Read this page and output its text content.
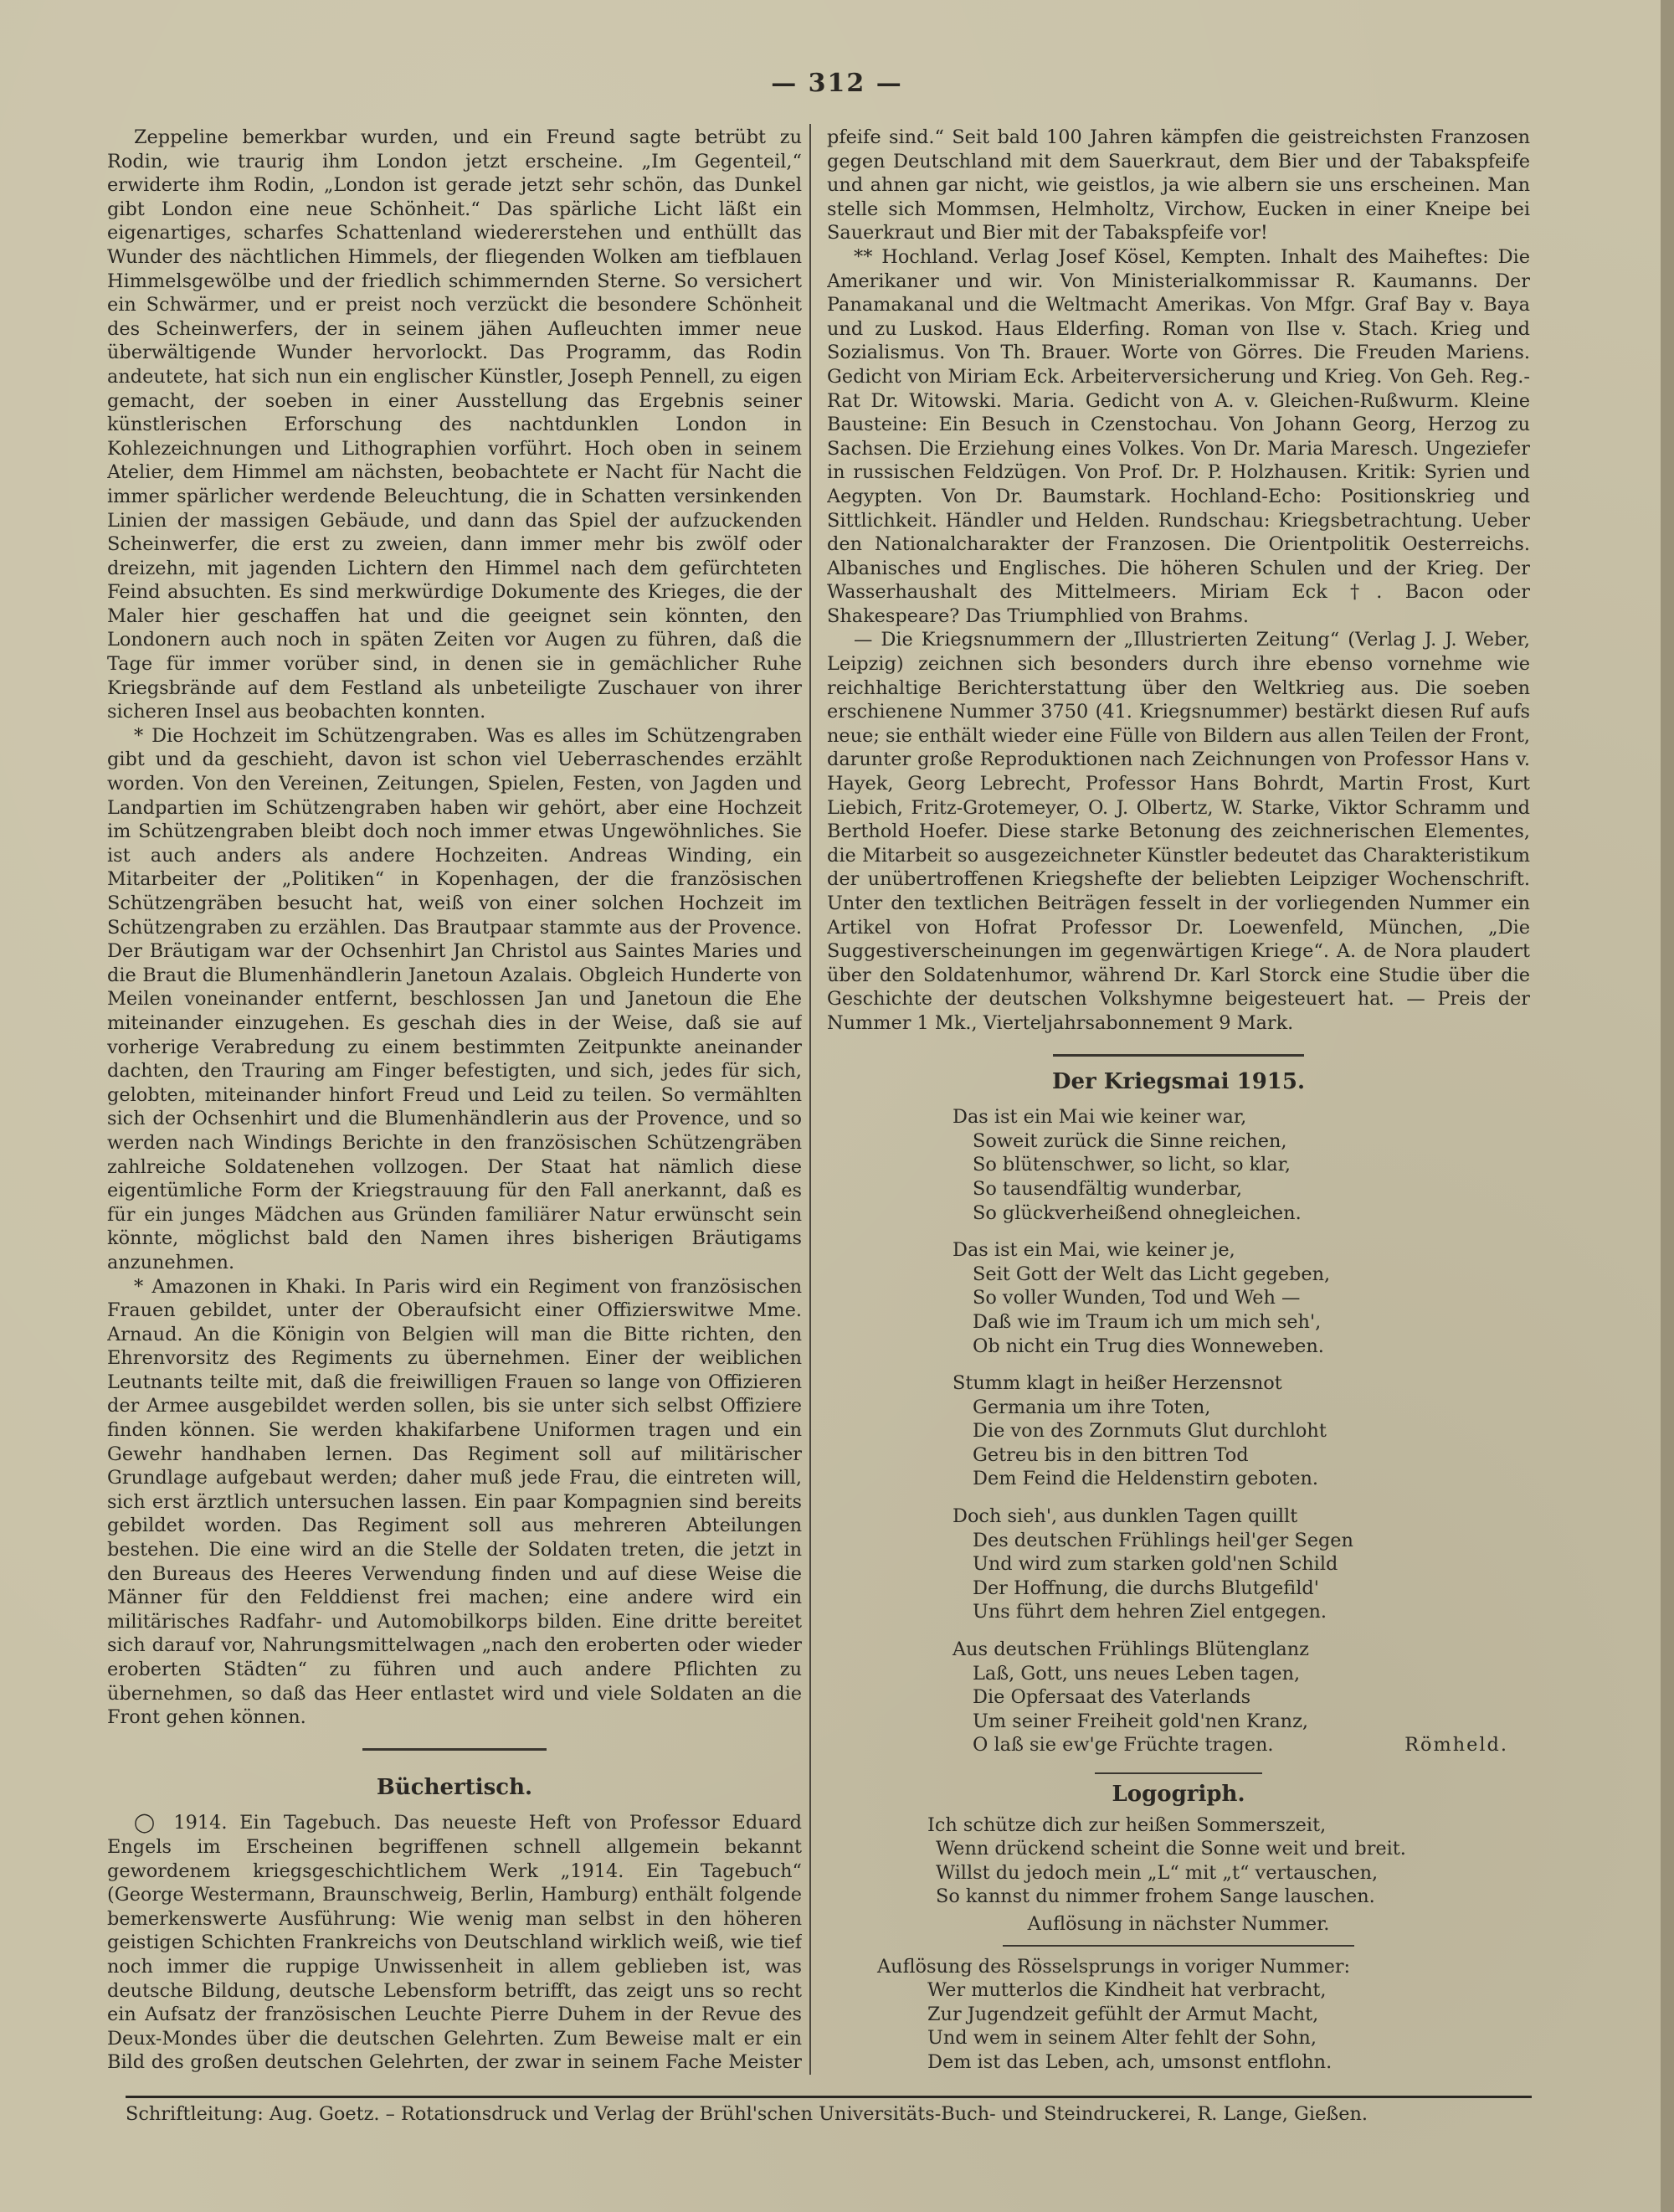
— 312 —

Zeppeline bemerkbar wurden, und ein Freund sagte betrübt zu Rodin, wie traurig ihm London jetzt erscheine. „Im Gegenteil,“ erwiderte ihm Rodin, „London ist gerade jetzt sehr schön, das Dunkel gibt London eine neue Schönheit.“ Das spärliche Licht läßt ein eigenartiges, scharfes Schattenland wiedererstehen und enthüllt das Wunder des nächtlichen Himmels, der fliegenden Wolken am tiefblauen Himmelsgewölbe und der friedlich schimmernden Sterne. So versichert ein Schwärmer, und er preist noch verzückt die besondere Schönheit des Scheinwerfers, der in seinem jähen Aufleuchten immer neue überwältigende Wunder hervorlockt. Das Programm, das Rodin andeutete, hat sich nun ein englischer Künstler, Joseph Pennell, zu eigen gemacht, der soeben in einer Ausstellung das Ergebnis seiner künstlerischen Erforschung des nachtdunklen London in Kohlezeichnungen und Lithographien vorführt. Hoch oben in seinem Atelier, dem Himmel am nächsten, beobachtete er Nacht für Nacht die immer spärlicher werdende Beleuchtung, die in Schatten versinkenden Linien der massigen Gebäude, und dann das Spiel der aufzuckenden Scheinwerfer, die erst zu zweien, dann immer mehr bis zwölf oder dreizehn, mit jagenden Lichtern den Himmel nach dem gefürchteten Feind absuchten. Es sind merkwürdige Dokumente des Krieges, die der Maler hier geschaffen hat und die geeignet sein könnten, den Londonern auch noch in späten Zeiten vor Augen zu führen, daß die Tage für immer vorüber sind, in denen sie in gemächlicher Ruhe Kriegsbrände auf dem Festland als unbeteiligte Zuschauer von ihrer sicheren Insel aus beobachten konnten.

* Die Hochzeit im Schützengraben. Was es alles im Schützengraben gibt und da geschieht, davon ist schon viel Ueberraschendes erzählt worden. Von den Vereinen, Zeitungen, Spielen, Festen, von Jagden und Landpartien im Schützengraben haben wir gehört, aber eine Hochzeit im Schützengraben bleibt doch noch immer etwas Ungewöhnliches. Sie ist auch anders als andere Hochzeiten. Andreas Winding, ein Mitarbeiter der „Politiken“ in Kopenhagen, der die französischen Schützengräben besucht hat, weiß von einer solchen Hochzeit im Schützengraben zu erzählen. Das Brautpaar stammte aus der Provence. Der Bräutigam war der Ochsenhirt Jan Christol aus Saintes Maries und die Braut die Blumenhändlerin Janetoun Azalais. Obgleich Hunderte von Meilen voneinander entfernt, beschlossen Jan und Janetoun die Ehe miteinander einzugehen. Es geschah dies in der Weise, daß sie auf vorherige Verabredung zu einem bestimmten Zeitpunkte aneinander dachten, den Trauring am Finger befestigten, und sich, jedes für sich, gelobten, miteinander hinfort Freud und Leid zu teilen. So vermählten sich der Ochsenhirt und die Blumenhändlerin aus der Provence, und so werden nach Windings Berichte in den französischen Schützengräben zahlreiche Soldatenehen vollzogen. Der Staat hat nämlich diese eigentümliche Form der Kriegstrauung für den Fall anerkannt, daß es für ein junges Mädchen aus Gründen familiärer Natur erwünscht sein könnte, möglichst bald den Namen ihres bisherigen Bräutigams anzunehmen.

* Amazonen in Khaki. In Paris wird ein Regiment von französischen Frauen gebildet, unter der Oberaufsicht einer Offizierswitwe Mme. Arnaud. An die Königin von Belgien will man die Bitte richten, den Ehrenvorsitz des Regiments zu übernehmen. Einer der weiblichen Leutnants teilte mit, daß die freiwilligen Frauen so lange von Offizieren der Armee ausgebildet werden sollen, bis sie unter sich selbst Offiziere finden können. Sie werden khakifarbene Uniformen tragen und ein Gewehr handhaben lernen. Das Regiment soll auf militärischer Grundlage aufgebaut werden; daher muß jede Frau, die eintreten will, sich erst ärztlich untersuchen lassen. Ein paar Kompagnien sind bereits gebildet worden. Das Regiment soll aus mehreren Abteilungen bestehen. Die eine wird an die Stelle der Soldaten treten, die jetzt in den Bureaus des Heeres Verwendung finden und auf diese Weise die Männer für den Felddienst frei machen; eine andere wird ein militärisches Radfahr- und Automobilkorps bilden. Eine dritte bereitet sich darauf vor, Nahrungsmittelwagen „nach den eroberten oder wieder eroberten Städten“ zu führen und auch andere Pflichten zu übernehmen, so daß das Heer entlastet wird und viele Soldaten an die Front gehen können.

Büchertisch.

◯ 1914. Ein Tagebuch. Das neueste Heft von Professor Eduard Engels im Erscheinen begriffenen schnell allgemein bekannt gewordenem kriegsgeschichtlichem Werk „1914. Ein Tagebuch“ (George Westermann, Braunschweig, Berlin, Hamburg) enthält folgende bemerkenswerte Ausführung: Wie wenig man selbst in den höheren geistigen Schichten Frankreichs von Deutschland wirklich weiß, wie tief noch immer die ruppige Unwissenheit in allem geblieben ist, was deutsche Bildung, deutsche Lebensform betrifft, das zeigt uns so recht ein Aufsatz der französischen Leuchte Pierre Duhem in der Revue des Deux-Mondes über die deutschen Gelehrten. Zum Beweise malt er ein Bild des großen deutschen Gelehrten, der zwar in seinem Fache Meister

pfeife sind.“ Seit bald 100 Jahren kämpfen die geistreichsten Franzosen gegen Deutschland mit dem Sauerkraut, dem Bier und der Tabakspfeife und ahnen gar nicht, wie geistlos, ja wie albern sie uns erscheinen. Man stelle sich Mommsen, Helmholtz, Virchow, Eucken in einer Kneipe bei Sauerkraut und Bier mit der Tabakspfeife vor!

** Hochland. Verlag Josef Kösel, Kempten. Inhalt des Maiheftes: Die Amerikaner und wir. Von Ministerialkommissar R. Kaumanns. Der Panamakanal und die Weltmacht Amerikas. Von Mfgr. Graf Bay v. Baya und zu Luskod. Haus Elderfing. Roman von Ilse v. Stach. Krieg und Sozialismus. Von Th. Brauer. Worte von Görres. Die Freuden Mariens. Gedicht von Miriam Eck. Arbeiterversicherung und Krieg. Von Geh. Reg.-Rat Dr. Witowski. Maria. Gedicht von A. v. Gleichen-Rußwurm. Kleine Bausteine: Ein Besuch in Czenstochau. Von Johann Georg, Herzog zu Sachsen. Die Erziehung eines Volkes. Von Dr. Maria Maresch. Ungeziefer in russischen Feldzügen. Von Prof. Dr. P. Holzhausen. Kritik: Syrien und Aegypten. Von Dr. Baumstark. Hochland-Echo: Positionskrieg und Sittlichkeit. Händler und Helden. Rundschau: Kriegsbetrachtung. Ueber den Nationalcharakter der Franzosen. Die Orientpolitik Oesterreichs. Albanisches und Englisches. Die höheren Schulen und der Krieg. Der Wasserhaushalt des Mittelmeers. Miriam Eck †. Bacon oder Shakespeare? Das Triumphlied von Brahms.

— Die Kriegsnummern der „Illustrierten Zeitung“ (Verlag J. J. Weber, Leipzig) zeichnen sich besonders durch ihre ebenso vornehme wie reichhaltige Berichterstattung über den Weltkrieg aus. Die soeben erschienene Nummer 3750 (41. Kriegsnummer) bestärkt diesen Ruf aufs neue; sie enthält wieder eine Fülle von Bildern aus allen Teilen der Front, darunter große Reproduktionen nach Zeichnungen von Professor Hans v. Hayek, Georg Lebrecht, Professor Hans Bohrdt, Martin Frost, Kurt Liebich, Fritz-Grotemeyer, O. J. Olbertz, W. Starke, Viktor Schramm und Berthold Hoefer. Diese starke Betonung des zeichnerischen Elementes, die Mitarbeit so ausgezeichneter Künstler bedeutet das Charakteristikum der unübertroffenen Kriegshefte der beliebten Leipziger Wochenschrift. Unter den textlichen Beiträgen fesselt in der vorliegenden Nummer ein Artikel von Hofrat Professor Dr. Loewenfeld, München, „Die Suggestiverscheinungen im gegenwärtigen Kriege“. A. de Nora plaudert über den Soldatenhumor, während Dr. Karl Storck eine Studie über die Geschichte der deutschen Volkshymne beigesteuert hat. — Preis der Nummer 1 Mk., Vierteljahrsabonnement 9 Mark.

Der Kriegsmai 1915.
Das ist ein Mai wie keiner war,
Soweit zurück die Sinne reichen,
So blütenschwer, so licht, so klar,
So tausendfältig wunderbar,
So glückverheißend ohnegleichen.
Das ist ein Mai, wie keiner je,
Seit Gott der Welt das Licht gegeben,
So voller Wunden, Tod und Weh —
Daß wie im Traum ich um mich seh',
Ob nicht ein Trug dies Wonneweben.
Stumm klagt in heißer Herzensnot
Germania um ihre Toten,
Die von des Zornmuts Glut durchloht
Getreu bis in den bittren Tod
Dem Feind die Heldenstirn geboten.
Doch sieh', aus dunklen Tagen quillt
Des deutschen Frühlings heil'ger Segen
Und wird zum starken gold'nen Schild
Der Hoffnung, die durchs Blutgefild'
Uns führt dem hehren Ziel entgegen.
Aus deutschen Frühlings Blütenglanz
Laß, Gott, uns neues Leben tagen,
Die Opfersaat des Vaterlands
Um seiner Freiheit gold'nen Kranz,
O laß sie ew'ge Früchte tragen.	Römheld.
Logogriph.
Ich schütze dich zur heißen Sommerszeit,
Wenn drückend scheint die Sonne weit und breit.
Willst du jedoch mein „L“ mit „t“ vertauschen,
So kannst du nimmer frohem Sange lauschen.
Auflösung in nächster Nummer.
Auflösung des Rösselsprungs in voriger Nummer:
Wer mutterlos die Kindheit hat verbracht,
Zur Jugendzeit gefühlt der Armut Macht,
Und wem in seinem Alter fehlt der Sohn,
Dem ist das Leben, ach, umsonst entflohn.
Schriftleitung: Aug. Goetz. – Rotationsdruck und Verlag der Brühl'schen Universitäts-Buch- und Steindruckerei, R. Lange, Gießen.
